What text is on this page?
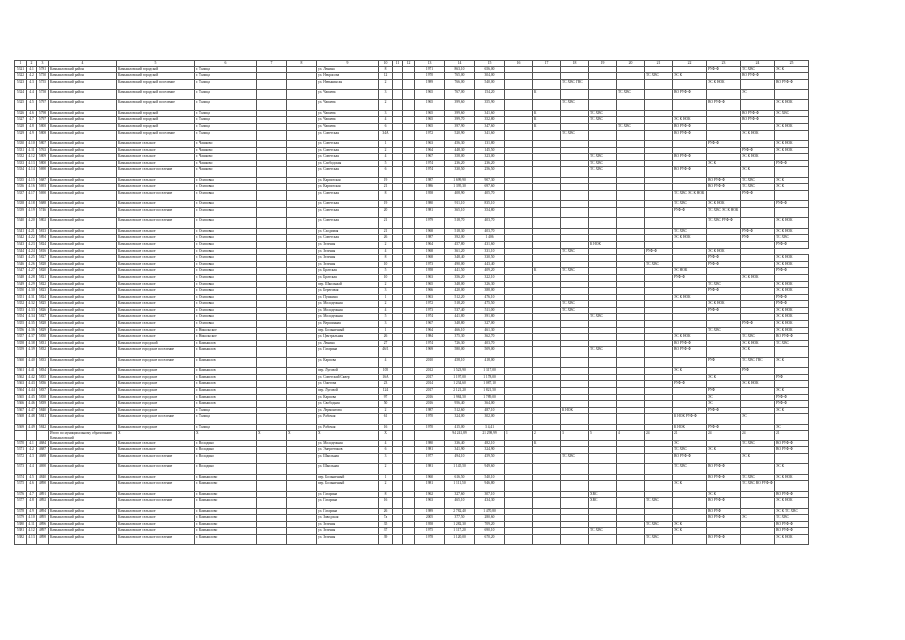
1	2	3	4	5	6	7	8	9	10	11	12	13	14	15	16	17	18	19	20	21	22	23	24	25
5321	4.1	5781	Камышловский район	Камышловский городской	г. Талица			ул. Ленина	8			1971	863,10	656,00								РУФ-Ф	ТС ХВС	ЭС К
5322	4.2	5750	Камышловский район	Камышловский городской	г. Талица			ул. Некрасова	12			1970	765,00	304,00						ТС ХВС	ЭС К		ВО РУФ-Ф	
5323	4.3	5755	Камышловский район	Камышловский городской поселение	г. Талица			ул. Невыкинсая	2			1989	766,00	540,00			ТС ХВС ГВС					ЭС К НОК		ВО РУФ-Ф
5324	4.4	5758	Камышловский район	Камышловский городской поселение	г. Талица			ул. Чапаева	3			1965	767,00	154,20		К			ТС ХВС		ВО РУФ-Ф		ЭС	
5325	4.5	5797	Камышловский район	Камышловский городской поселение	г. Талица			ул. Чапаева	2			1965	399,60	355,90			ТС ХВС					ВО РУФ-Ф		ЭС К НОК
5326	4.6	5798	Камышловский район	Камышловский городской	г. Талица			ул. Чапаева	3			1965	399,60	341,60		К		ТС ХВС					ВО РУФ-Ф	ЭС ХВС
5327	4.7	5797	Камышловский район	Камышловский городской	г. Талица			ул. Чапаева	4			1965	399,70	352,80		К		ТС ХВС			ЭС К НОК		ВО РУФ-Ф	
5328	4.8	5800	Камышловский район	Камышловский городской	г. Талица			ул. Чапаева	6			1965	397,90	347,60		К			ТС ХВС		ВО РУФ-Ф			ЭС К НОК
5329	4.9	5808	Камышловский район	Камышловский городской поселение	г. Талица			ул. Советская	34А			1972	520,90	341,60			ТС ХВС				ВО РУФ-Ф		ЭС К НОК	
5330	4.10	5807	Камышловский район	Камышловское сельское	г. Чашково			ул. Советская	1			1963	456,30	131,80								РУФ-Ф		ЭС К НОК
5331	4.11	5763	Камышловский район	Камышловское сельское	г. Чашково			ул. Советская	2			1964	448,30	145,50									РУФ-Ф	ЭС К НОК
5332	4.12	5809	Камышловский район	Камышловское сельское	г. Чашково			ул. Советская	4			1967	358,00	323,00				ТС ХВС			ВО РУФ-Ф		ЭС К НОК	
5333	4.13	5800	Камышловский район	Камышловское сельское	г. Чашково			ул. Слободская	5			1974	236,20	236,20				ТС ХВС				ЭС К		РУФ-Ф
5334	4.14	5690	Камышловский район	Камышловское сельское поселение	г. Чашково			ул. Советская	6			1974	330,50	256,50				ТС ХВС			ВО РУФ-Ф		ЭС К	
5335	4.15	5687	Камышловский район	Камышловское сельское	г. Осиповка			ул. Карпатская	19			1987	1 699,90	907,30								ВО РУФ-Ф	ТС ХВС	ЭС К
5336	4.16	5693	Камышловский район	Камышловское сельское	г. Осиповка			ул. Карпатская	21			1986	1 395,30	697,60								ВО РУФ-Ф	ТС ХВС	ЭС К
5337	4.17	5690	Камышловский район	Камышловское сельское поселение	г. Осиповка			ул. Советская	8			1958	408,90	405,70							ТС ХВС ЭС К НОК		РУФ-Ф	
5338	4.18	5688	Камышловский район	Камышловское сельское	г. Осиповка			ул. Советская	19			1980	911,10	835,10							ТС ХВС	ЭС К НОК		РУФ-Ф
5339	4.19	5746	Камышловский район	Камышловское сельское поселение	г. Осиповка			ул. Советская	20			1981	365,10	354,80							РУФ-Ф	ТС ХВС ЭС К НОК		
5340	4.20	5802	Камышловский район	Камышловское сельское поселение	г. Осиповка			ул. Советская	21			1979	518,70	403,70								ТС ХВС РУФ-Ф		ЭС К НОК
5341	4.21	5813	Камышловский район	Камышловское сельское	г. Осиповка			ул. Сходимая	21			1968	518,30	403,70							ТС ХВС		РУФ-Ф	ЭС К НОК
5342	4.22	5894	Камышловский район	Камышловское сельское	г. Осиповка			ул. Советская	26			1987	392,00	1 406							ЭС К НОК		РУФ	ТС ХВС
5343	4.23	5824	Камышловский район	Камышловское сельское	г. Осиповка			ул. Зеленая	2			1964	457,80	431,60				К НОК						РУФ-Ф
5344	4.24	5816	Камышловский район	Камышловское сельское	г. Осиповка			ул. Зеленая	4			1968	361,20	331,10			ТС ХВС			РУФ-Ф		ЭС К НОК		
5345	4.25	5827	Камышловский район	Камышловское сельское	г. Осиповка			ул. Зеленая	8			1968	348,40	330,50								РУФ-Ф		ЭС К НОК
5346	4.26	5828	Камышловский район	Камышловское сельское	г. Осиповка			ул. Зеленая	10			1973	490,00	443,40						ТС ХВС		РУФ-Ф		ЭС К НОК
5347	4.27	5820	Камышловский район	Камышловское сельское	г. Осиповка			ул. Братская	5			1958	441,50	409,20		К	ТС ХВС				ЭС НОК			РУФ-Ф
5348	4.28	5821	Камышловский район	Камышловское сельское	г. Осиповка			ул. Братская	10			1963	356,20	322,10							РУФ-Ф		ЭС К НОК	
5349	4.29	5822	Камышловский район	Камышловское сельское	г. Осиповка			пер. Школьный	2			1965	348,00	326,30								ТС ХВС		ЭС К НОК
5350	4.30	5823	Камышловский район	Камышловское сельское	г. Осиповка			ул. Береговая	3			1966	420,00	388,00								РУФ-Ф		ЭС К НОК
5351	4.31	5824	Камышловский район	Камышловское сельское	г. Осиповка			ул. Пушкина	1			1963	512,20	476,10							ЭС К НОК			РУФ-Ф
5352	4.32	5825	Камышловский район	Камышловское сельское	г. Осиповка			ул. Молодежная	2			1972	518,20	475,50			ТС ХВС					ЭС К НОК		РУФ-Ф
5353	4.33	5826	Камышловский район	Камышловское сельское	г. Осиповка			ул. Молодежная	4			1973	537,40	511,00			ТС ХВС					РУФ-Ф		ЭС К НОК
5354	4.34	5827	Камышловский район	Камышловское сельское	г. Осиповка			ул. Молодежная	5			1974	441,80	391,80				ТС ХВС						ЭС К НОК
5355	4.35	5828	Камышловский район	Камышловское сельское	г. Осиповка			ул. Вершинная	3			1967	348,80	327,00									РУФ-Ф	ЭС К НОК
5356	4.36	5829	Камышловский район	Камышловское сельское	г. Никольское			пер. Больничный	1			1964	466,10	461,30								ТС ХВС		ЭС К НОК
5357	4.37	5830	Камышловский район	Камышловское сельское	г. Никольское			ул. Центральная	26			1984	375,30	362,70							ЭС К НОК		ТС ХВС	ВО РУФ-Ф
5358	4.38	5831	Камышловский район	Камышловское городской	г. Камышлов			ул. Ленина	27			1974	726,30	403,70							ВО РУФ-Ф		ЭС К НОК	ТС ХВС
5359	4.39	5832	Камышловский район	Камышловское городское поселение	г. Камышлов			ул. Гагарина	46/1			1969	580,00	509,00				ТС ХВС			ВО РУФ-Ф		ЭС К	
5360	4.40	5833	Камышловский район	Камышловское городское поселение	г. Камышлов			ул. Карпова	4			2010	458,10	418,00								РУФ	ТС ХВС ГВС	ЭС К
5361	4.41	5834	Камышловский район	Камышловское городское	г. Камышлов			пер. Луговой	105			2012	1 523,90	1 317,00							ЭС К		РУФ	
5362	4.42	5835	Камышловский район	Камышловское городское	г. Камышлов			ул. Советский Сквер	16А			2017	1 197,00	1 178,00								ЭС К		РУФ
5363	4.43	5836	Камышловский район	Камышловское городское	г. Камышлов			ул. Ожегова	23			2014	1 234,60	1 087,10							РУФ-Ф		ЭС К НОК	
5364	4.44	5837	Камышловский район	Камышловское городское	г. Камышлов			пер. Луговой	124			2017	2 121,20	1 821,50								РУФ		ЭС К
5365	4.45	5838	Камышловский район	Камышловское городское	г. Камышлов			ул. Карпова	97			2016	1 984,50	1 789,00								ЭС		РУФ-Ф
5366	4.46	5839	Камышловский район	Камышловское городское	г. Камышлов			ул. Свободная	50			2016	956,40	364,00								ЭС		РУФ-Ф
5367	4.47	5840	Камышловский район	Камышловское городское	г. Талица			ул. Лермонтова	2			1987	512,60	487,10			К НОК					РУФ-Ф		ЭС К
5368	4.48	5841	Камышловский район	Камышловское городское поселение	г. Талица			ул. Рабочая	61			1970	324,00	302,00							К НОК РУФ-Ф		ЭС	
5369	4.49	5842	Камышловский район	Камышловское городское	г. Талица			ул. Рабочая	16			1970	415,00	3 4,41							К НОК	РУФ-Ф		ЭС
			Итого по муниципальному образованию Камышловский	X	X	X	X	X	X				94 241,89	21 298,99	1	2	3	5	4	24	21	24	24	21
5370	4.1	4684	Камышловский район	Камышловское сельское	г. Володино			ул. Молодежная	4			1980	336,40	482,10		К					ЭС		ТС ХВС	ВО РУФ-Ф
5371	4.2	4687	Камышловский район	Камышловское сельское	г. Володино			ул. Энергетиков	6			1981	341,90	324,90							ТС ХВС	ЭС К		ВО РУФ-Ф
5372	4.3	4688	Камышловский район	Камышловское сельское поселение	г. Володино			ул. Школьная	3			1977	494,10	459,50			ТС ХВС				ВО РУФ-Ф		ЭС К	
5373	4.4	4690	Камышловский район	Камышловское сельское поселение	г. Володино			ул. Школьная	2			1981	1 145,50	949,60							ТС ХВС	ВО РУФ-Ф		ЭС К
5374	4.5	4840	Камышловский район	Камышловское сельское	г. Камышлово			пер. Больничный	1			1960	616,50	540,10								ВО РУФ-Ф	ТС ХВС	ЭС К НОК
5375	4.6	4890	Камышловский район	Камышловское сельское поселение	г. Камышлово			пер. Больничный	2			1981	1 111,50	946,80							ЭС К		ТС ХВС ВО РУФ-Ф	
5376	4.7	4891	Камышловский район	Камышловское сельское	г. Камышлово			ул. Гагарина	8			1962	327,60	307,10				ХВС				ЭС К		ВО РУФ-Ф
5377	4.8	4892	Камышловский район	Камышловское сельское поселение	г. Камышлово			ул. Гагарина	16			1963	465,10	434,30				ХВС		ТС ХВС		ВО РУФ-Ф		ЭС К НОК
5378	4.9	4894	Камышловский район	Камышловское сельское	г. Камышлово			ул. Гагарина	26			1989	2 782,40	1 470,80								ВО РУФ		ЭС К ТС ХВС
5379	4.10	4895	Камышловский район	Камышловское сельское	г. Камышлово			ул. Заводская	7а			2005	377,50	280,60								ВО РУФ-Ф	ЭС	ТС ХВС
5380	4.11	4896	Камышловский район	Камышловское сельское	г. Камышлово			ул. Зеленая	35			1958	1 282,30	709,20						ТС ХВС	ЭС К			ВО РУФ-Ф
5381	4.12	4897	Камышловский район	Камышловское сельское	г. Камышлово			ул. Зеленая	37			1975	1 117,20	690,10				ТС ХВС			ЭС К			ВО РУФ-Ф
5382	4.13	4898	Камышловский район	Камышловское сельское поселение	г. Камышлово			ул. Зеленая	39			1978	1 120,00	670,20						ТС ХВС		ВО РУФ-Ф		ЭС К НОК
